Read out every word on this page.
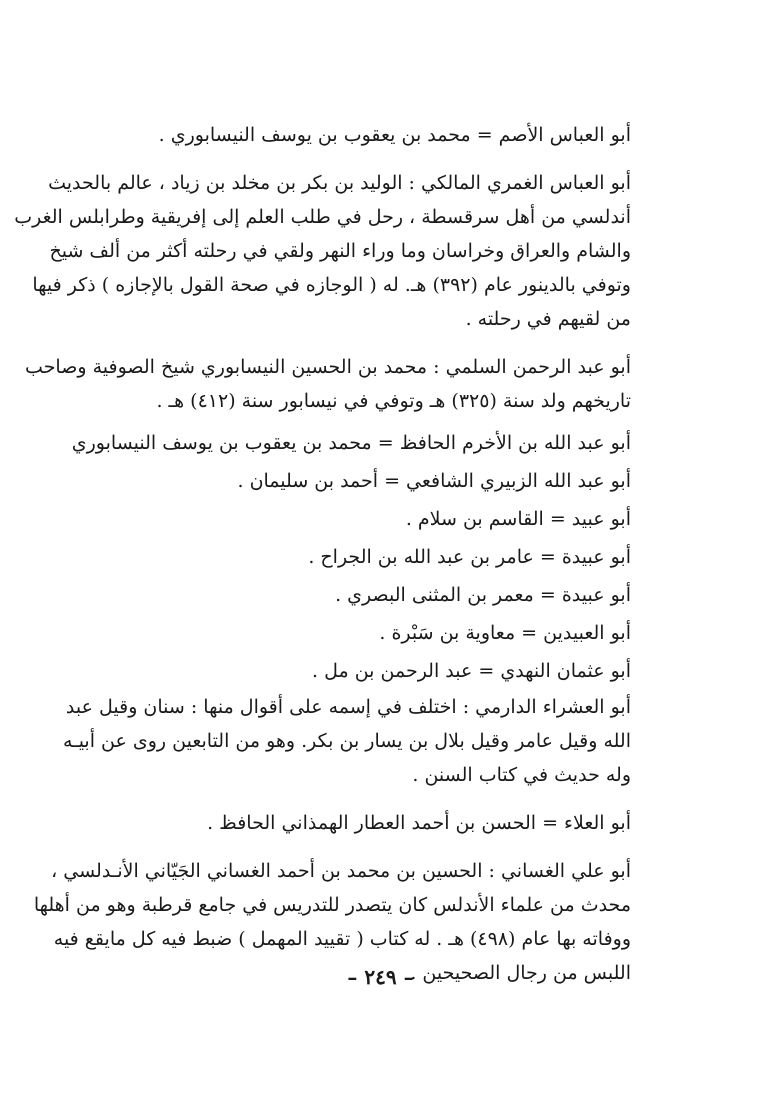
أبو العباس الأصم = محمد بن يعقوب بن يوسف النيسابوري .
أبو العباس الغمري المالكي : الوليد بن بكر بن مخلد بن زياد ، عالم بالحديث
أندلسي من أهل سرقسطة ، رحل في طلب العلم إلى إفريقية وطرابلس الغرب
والشام والعراق وخراسان وما وراء النهر ولقي في رحلته أكثر من ألف شيخ
وتوفي بالدينور عام (٣٩٢) هـ. له ( الوجازه في صحة القول بالإجازه ) ذكر فيها
من لقيهم في رحلته .
أبو عبد الرحمن السلمي : محمد بن الحسين النيسابوري شيخ الصوفية وصاحب
تاريخهم ولد سنة (٣٢٥) هـ وتوفي في نيسابور سنة (٤١٢) هـ .
أبو عبد الله بن الأخرم الحافظ = محمد بن يعقوب بن يوسف النيسابوري
أبو عبد الله الزبيري الشافعي = أحمد بن سليمان .
أبو عبيد = القاسم بن سلام .
أبو عبيدة = عامر بن عبد الله بن الجراح .
أبو عبيدة = معمر بن المثنى البصري .
أبو العبيدين = معاوية بن سَبْرة .
أبو عثمان النهدي = عبد الرحمن بن مل .
أبو العشراء الدارمي : اختلف في إسمه على أقوال منها : سنان وقيل عبد
الله وقيل عامر وقيل بلال بن يسار بن بكر. وهو من التابعين روى عن أبيـه
وله حديث في كتاب السنن .
أبو العلاء = الحسن بن أحمد العطار الهمذاني الحافظ .
أبو علي الغساني : الحسين بن محمد بن أحمد الغساني الجَيّاني الأنـدلسي ،
محدث من علماء الأندلس كان يتصدر للتدريس في جامع قرطبة وهو من أهلها
ووفاته بها عام (٤٩٨) هـ . له كتاب ( تقييد المهمل ) ضبط فيه كل مايقع فيه
اللبس من رجال الصحيحين .
– ٢٤٩ –
